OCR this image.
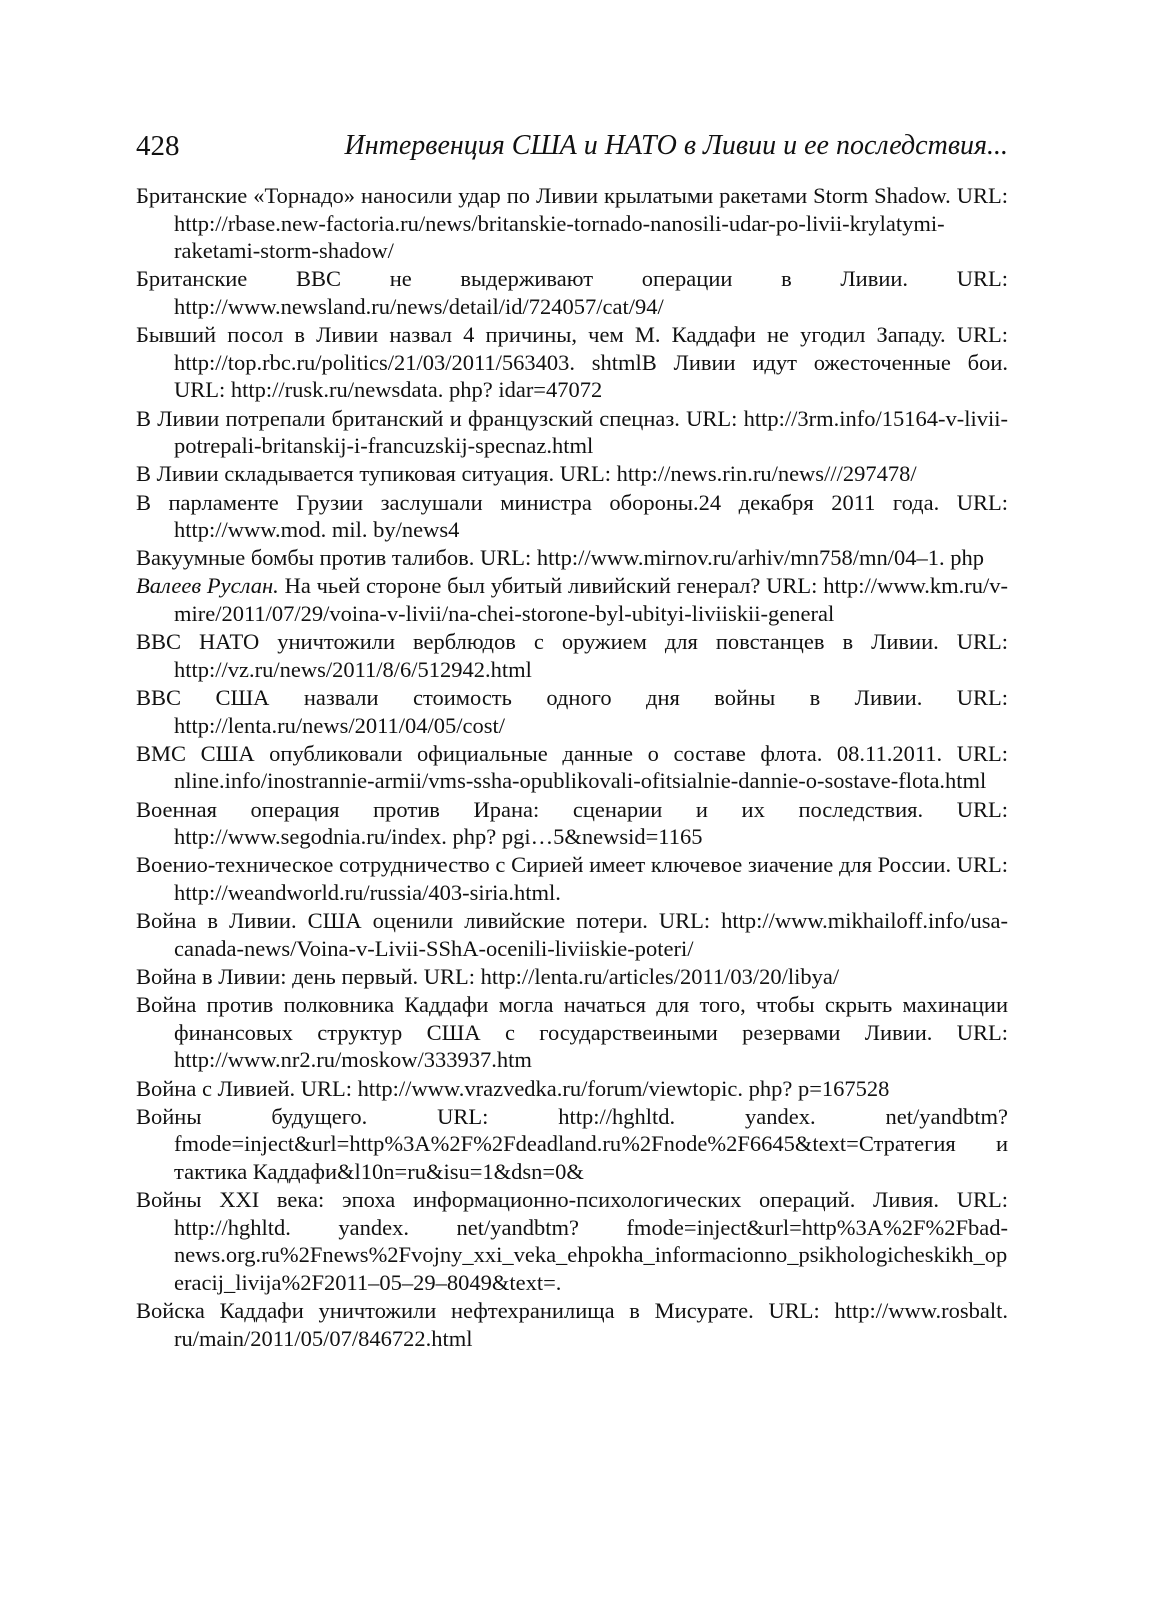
428	Интервенция США и НАТО в Ливии и ее последствия...

Британские «Торнадо» наносили удар по Ливии крылатыми ракетами Storm Shadow. URL: http://rbase.new-factoria.ru/news/britanskie-tornado-nanosili-udar-po-livii-krylatymi-raketami-storm-shadow/

Британские ВВС не выдерживают операции в Ливии. URL: http://www.newsland.ru/news/detail/id/724057/cat/94/

Бывший посол в Ливии назвал 4 причины, чем М. Каддафи не угодил Западу. URL: http://top.rbc.ru/politics/21/03/2011/563403. shtmlВ Ливии идут ожесточенные бои. URL: http://rusk.ru/newsdata. php? idar=47072

В Ливии потрепали британский и французский спецназ. URL: http://3rm.info/15164-v-livii-potrepali-britanskij-i-francuzskij-specnaz.html

В Ливии складывается тупиковая ситуация. URL: http://news.rin.ru/news///297478/

В парламенте Грузии заслушали министра обороны.24 декабря 2011 года. URL: http://www.mod. mil. by/news4

Вакуумные бомбы против талибов. URL: http://www.mirnov.ru/arhiv/mn758/mn/04–1. php

Валеев Руслан. На чьей стороне был убитый ливийский генерал? URL: http://www.km.ru/v-mire/2011/07/29/voina-v-livii/na-chei-storone-byl-ubityi-liviiskii-general

ВВС НАТО уничтожили верблюдов с оружием для повстанцев в Ливии. URL: http://vz.ru/news/2011/8/6/512942.html

ВВС США назвали стоимость одного дня войны в Ливии. URL: http://lenta.ru/news/2011/04/05/cost/

ВМС США опубликовали официальные данные о составе флота. 08.11.2011. URL: nline.info/inostrannie-armii/vms-ssha-opublikovali-ofitsialnie-dannie-o-sostave-flota.html

Военная операция против Ирана: сценарии и их последствия. URL: http://www.segodnia.ru/index. php? pgi…5&newsid=1165

Военио-техническое сотрудничество с Сирией имеет ключевое зиачение для России. URL: http://weandworld.ru/russia/403-siria.html.

Война в Ливии. США оценили ливийские потери. URL: http://www.mikhailoff.info/usa-canada-news/Voina-v-Livii-SShA-ocenili-liviiskie-poteri/

Война в Ливии: день первый. URL: http://lenta.ru/articles/2011/03/20/libya/

Война против полковника Каддафи могла начаться для того, чтобы скрыть махинации финансовых структур США с государствеиными резервами Ливии. URL: http://www.nr2.ru/moskow/333937.htm

Война с Ливией. URL: http://www.vrazvedka.ru/forum/viewtopic. php? p=167528

Войны будущего. URL: http://hghltd. yandex. net/yandbtm? fmode=inject&url=http%3A%2F%2Fdeadland.ru%2Fnode%2F6645&text=Стратегия и тактика Каддафи&l10n=ru&isu=1&dsn=0&

Войны XXI века: эпоха информационно-психологических операций. Ливия. URL: http://hghltd. yandex. net/yandbtm? fmode=inject&url=http%3A%2F%2Fbad-news.org.ru%2Fnews%2Fvojny_xxi_veka_ehpokha_informacionno_psikhologicheskikh_operacij_livija%2F2011–05–29–8049&text=.

Войска Каддафи уничтожили нефтехранилища в Мисурате. URL: http://www.rosbalt. ru/main/2011/05/07/846722.html
